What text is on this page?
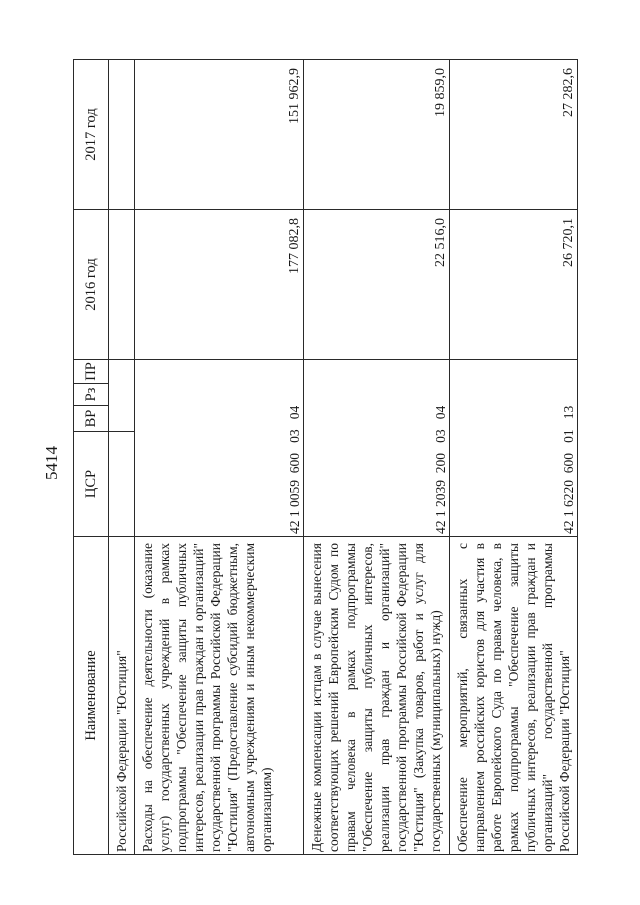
5414
Наименование	ЦСР	ВР	Рз	ПР	2016 год	2017 год

Российской Федерации "Юстиция"						

Расходы на обеспечение деятельности (оказание услуг) государственных учреждений в рамках подпрограммы "Обеспечение защиты публичных интересов, реализации прав граждан и организаций" государственной программы Российской Федерации "Юстиция" (Предоставление субсидий бюджетным, автономным учреждениям и иным некоммерческим организациям)	42 1 0059  600   03   04				177 082,8	151 962,9

Денежные компенсации истцам в случае вынесения соответствующих решений Европейским Судом по правам человека в рамках подпрограммы "Обеспечение защиты публичных интересов, реализации прав граждан и организаций" государственной программы Российской Федерации "Юстиция" (Закупка товаров, работ и услуг для государственных (муниципальных) нужд)	42 1 2039  200   03   04				22 516,0	19 859,0

Обеспечение мероприятий, связанных с направлением российских юристов для участия в работе Европейского Суда по правам человека, в рамках подпрограммы "Обеспечение защиты публичных интересов, реализации прав граждан и организаций" государственной программы Российской Федерации "Юстиция"	42 1 6220  600   01   13				26 720,1	27 282,6
